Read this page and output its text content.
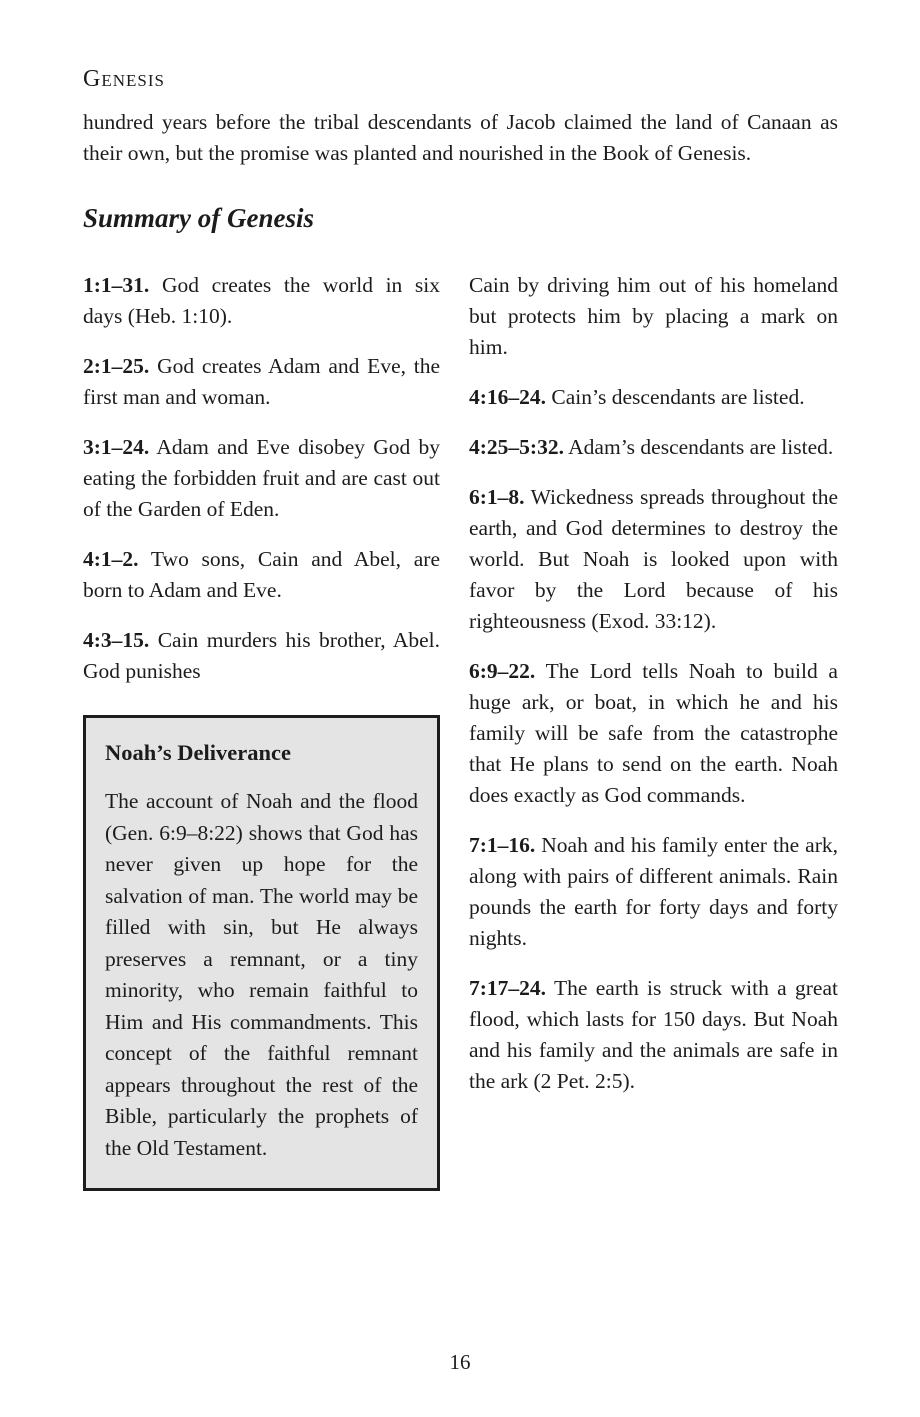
Genesis

hundred years before the tribal descendants of Jacob claimed the land of Canaan as their own, but the promise was planted and nourished in the Book of Genesis.

Summary of Genesis

1:1–31. God creates the world in six days (Heb. 1:10).

2:1–25. God creates Adam and Eve, the first man and woman.

3:1–24. Adam and Eve disobey God by eating the forbidden fruit and are cast out of the Garden of Eden.

4:1–2. Two sons, Cain and Abel, are born to Adam and Eve.

4:3–15. Cain murders his brother, Abel. God punishes

Noah’s Deliverance

The account of Noah and the flood (Gen. 6:9–8:22) shows that God has never given up hope for the salvation of man. The world may be filled with sin, but He always preserves a remnant, or a tiny minority, who remain faithful to Him and His commandments. This concept of the faithful remnant appears throughout the rest of the Bible, particularly the prophets of the Old Testament.

Cain by driving him out of his homeland but protects him by placing a mark on him.

4:16–24. Cain’s descendants are listed.

4:25–5:32. Adam’s descendants are listed.

6:1–8. Wickedness spreads throughout the earth, and God determines to destroy the world. But Noah is looked upon with favor by the Lord because of his righteousness (Exod. 33:12).

6:9–22. The Lord tells Noah to build a huge ark, or boat, in which he and his family will be safe from the catastrophe that He plans to send on the earth. Noah does exactly as God commands.

7:1–16. Noah and his family enter the ark, along with pairs of different animals. Rain pounds the earth for forty days and forty nights.

7:17–24. The earth is struck with a great flood, which lasts for 150 days. But Noah and his family and the animals are safe in the ark (2 Pet. 2:5).

16
